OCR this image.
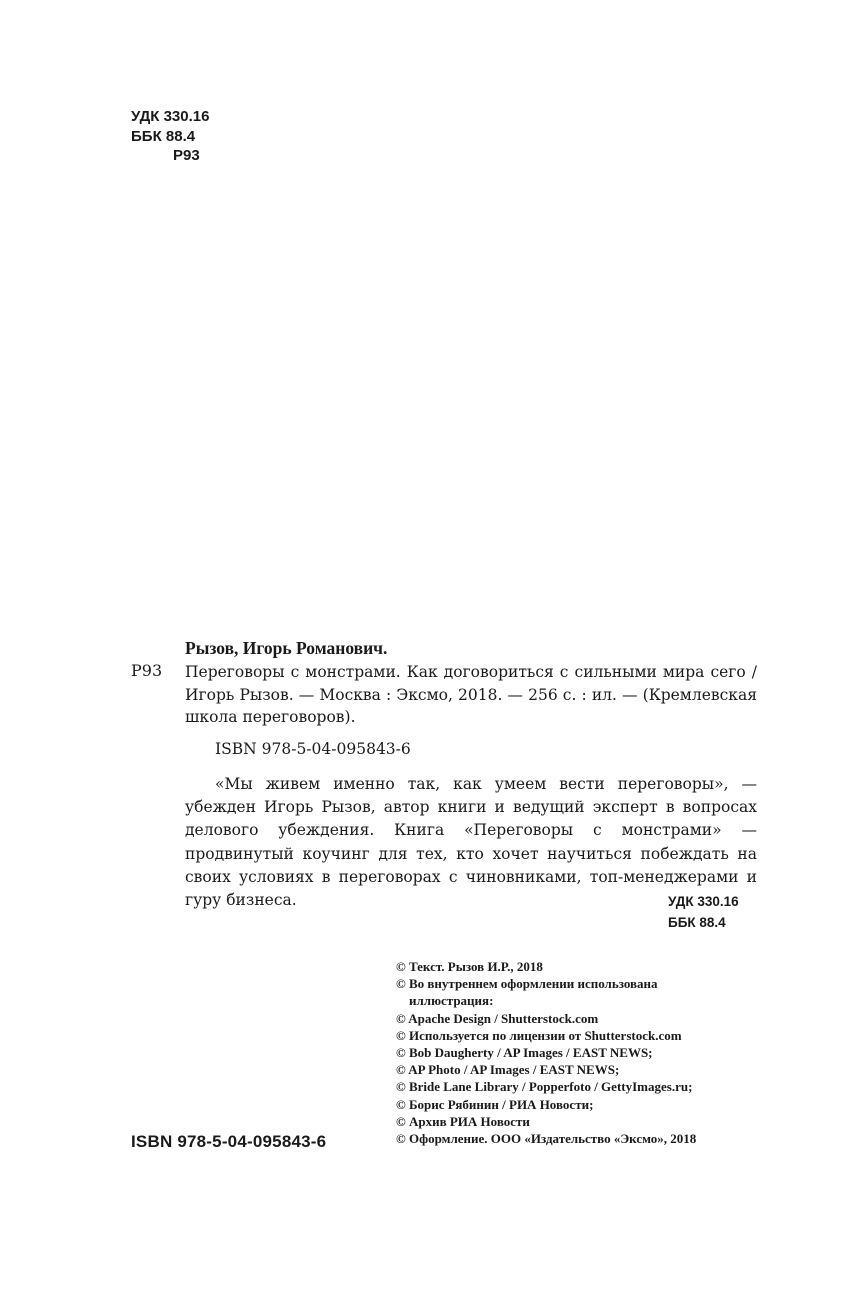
УДК 330.16
ББК 88.4
Р93
Рызов, Игорь Романович.
Р93 Переговоры с монстрами. Как договориться с сильными мира сего / Игорь Рызов. — Москва : Эксмо, 2018. — 256 с. : ил. — (Кремлевская школа переговоров).
ISBN 978-5-04-095843-6
«Мы живем именно так, как умеем вести переговоры», — убежден Игорь Рызов, автор книги и ведущий эксперт в вопросах делового убеждения. Книга «Переговоры с монстрами» — продвинутый коучинг для тех, кто хочет научиться побеждать на своих условиях в переговорах с чиновниками, топ-менеджерами и гуру бизнеса.	УДК 330.16
ББК 88.4
ISBN 978-5-04-095843-6
© Текст. Рызов И.Р., 2018
© Во внутреннем оформлении использована
иллюстрация:
© Apache Design / Shutterstock.com
© Используется по лицензии от Shutterstock.com
© Bob Daugherty / AP Images / EAST NEWS;
© AP Photo / AP Images / EAST NEWS;
© Bride Lane Library / Popperfoto / GettyImages.ru;
© Борис Рябинин / РИА Новости;
© Архив РИА Новости
© Оформление. ООО «Издательство «Эксмо», 2018
